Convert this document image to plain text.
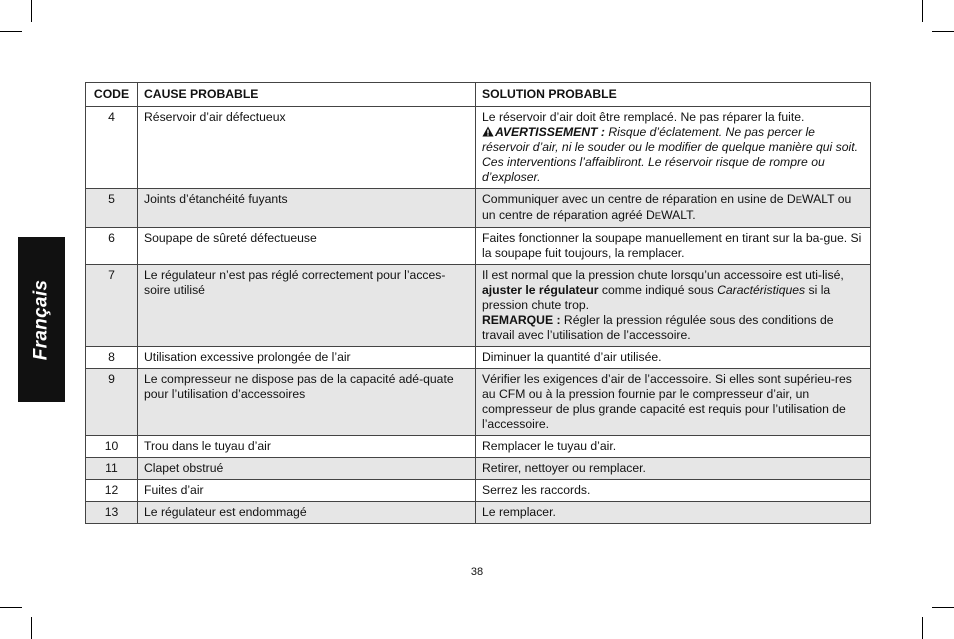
Français
CODE	CAUSE PROBABLE	SOLUTION PROBABLE
4	Réservoir d’air défectueux	Le réservoir d’air doit être remplacé. Ne pas réparer la fuite.
AVERTISSEMENT : Risque d’éclatement. Ne pas percer le réservoir d’air, ni le souder ou le modifier de quelque manière qui soit. Ces interventions l’affaibliront. Le réservoir risque de rompre ou d’exploser.
5	Joints d’étanchéité fuyants	Communiquer avec un centre de réparation en usine de DEWALT ou un centre de réparation agréé DEWALT.
6	Soupape de sûreté défectueuse	Faites fonctionner la soupape manuellement en tirant sur la ba-gue. Si la soupape fuit toujours, la remplacer.
7	Le régulateur n’est pas réglé correctement pour l’acces-soire utilisé	Il est normal que la pression chute lorsqu’un accessoire est uti-lisé, ajuster le régulateur comme indiqué sous Caractéristiques si la pression chute trop.
REMARQUE : Régler la pression régulée sous des conditions de travail avec l’utilisation de l’accessoire.

8	Utilisation excessive prolongée de l’air	Diminuer la quantité d’air utilisée.
9	Le compresseur ne dispose pas de la capacité adé-quate pour l’utilisation d’accessoires	Vérifier les exigences d’air de l’accessoire. Si elles sont supérieu-res au CFM ou à la pression fournie par le compresseur d’air, un compresseur de plus grande capacité est requis pour l’utilisation de l’accessoire.
10	Trou dans le tuyau d’air	Remplacer le tuyau d’air.
11	Clapet obstrué	Retirer, nettoyer ou remplacer.
12	Fuites d’air	Serrez les raccords.
13	Le régulateur est endommagé	Le remplacer.
38
